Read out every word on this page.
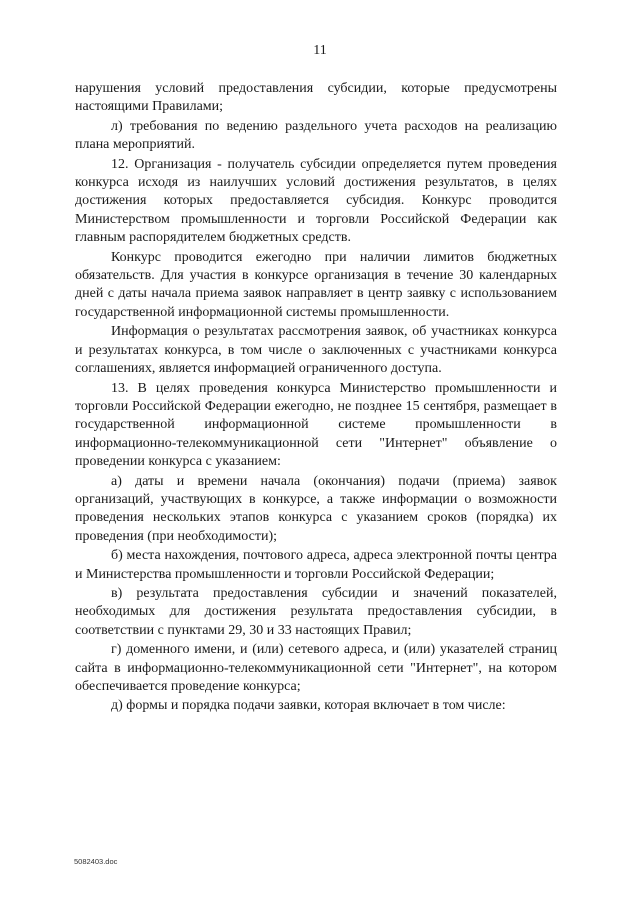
11

нарушения условий предоставления субсидии, которые предусмотрены настоящими Правилами;

л) требования по ведению раздельного учета расходов на реализацию плана мероприятий.

12. Организация - получатель субсидии определяется путем проведения конкурса исходя из наилучших условий достижения результатов, в целях достижения которых предоставляется субсидия. Конкурс проводится Министерством промышленности и торговли Российской Федерации как главным распорядителем бюджетных средств.

Конкурс проводится ежегодно при наличии лимитов бюджетных обязательств. Для участия в конкурсе организация в течение 30 календарных дней с даты начала приема заявок направляет в центр заявку с использованием государственной информационной системы промышленности.

Информация о результатах рассмотрения заявок, об участниках конкурса и результатах конкурса, в том числе о заключенных с участниками конкурса соглашениях, является информацией ограниченного доступа.

13. В целях проведения конкурса Министерство промышленности и торговли Российской Федерации ежегодно, не позднее 15 сентября, размещает в государственной информационной системе промышленности в информационно-телекоммуникационной сети "Интернет" объявление о проведении конкурса с указанием:

а) даты и времени начала (окончания) подачи (приема) заявок организаций, участвующих в конкурсе, а также информации о возможности проведения нескольких этапов конкурса с указанием сроков (порядка) их проведения (при необходимости);

б) места нахождения, почтового адреса, адреса электронной почты центра и Министерства промышленности и торговли Российской Федерации;

в) результата предоставления субсидии и значений показателей, необходимых для достижения результата предоставления субсидии, в соответствии с пунктами 29, 30 и 33 настоящих Правил;

г) доменного имени, и (или) сетевого адреса, и (или) указателей страниц сайта в информационно-телекоммуникационной сети "Интернет", на котором обеспечивается проведение конкурса;

д) формы и порядка подачи заявки, которая включает в том числе:

5082403.doc
